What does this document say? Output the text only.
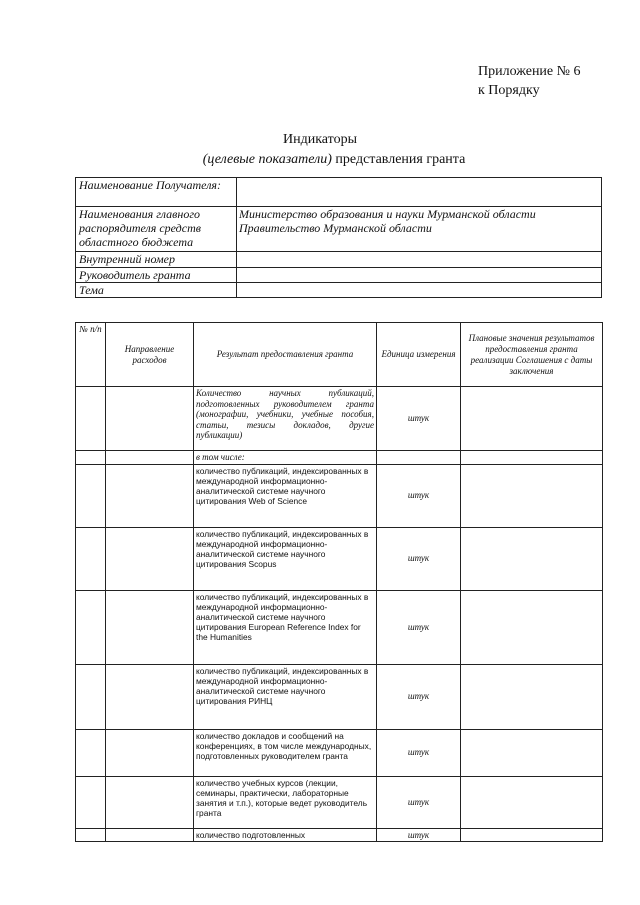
Приложение № 6
к Порядку
Индикаторы
(целевые показатели) представления гранта
Наименование Получателя:	
Наименования главного распорядителя средств областного бюджета	Министерство образования и науки Мурманской области Правительство Мурманской области
Внутренний номер	
Руководитель гранта	
Тема	
№ п/п	Направление расходов	Результат предоставления гранта	Единица измерения	Плановые значения результатов предоставления гранта реализации Соглашения с даты заключения
		Количество научных публикаций, подготовленных руководителем гранта (монографии, учебники, учебные пособия, статьи, тезисы докладов, другие публикации)	штук	
		в том числе:		
		количество публикаций, индексированных в международной информационно-аналитической системе научного цитирования Web of Science	штук	
		количество публикаций, индексированных в международной информационно-аналитической системе научного цитирования Scopus	штук	
		количество публикаций, индексированных в международной информационно-аналитической системе научного цитирования European Reference Index for the Humanities	штук	
		количество публикаций, индексированных в международной информационно-аналитической системе научного цитирования РИНЦ	штук	
		количество докладов и сообщений на конференциях, в том числе международных, подготовленных руководителем гранта	штук	
		количество учебных курсов (лекции, семинары, практически, лабораторные занятия и т.п.), которые ведет руководитель гранта	штук	
		количество подготовленных	штук	
